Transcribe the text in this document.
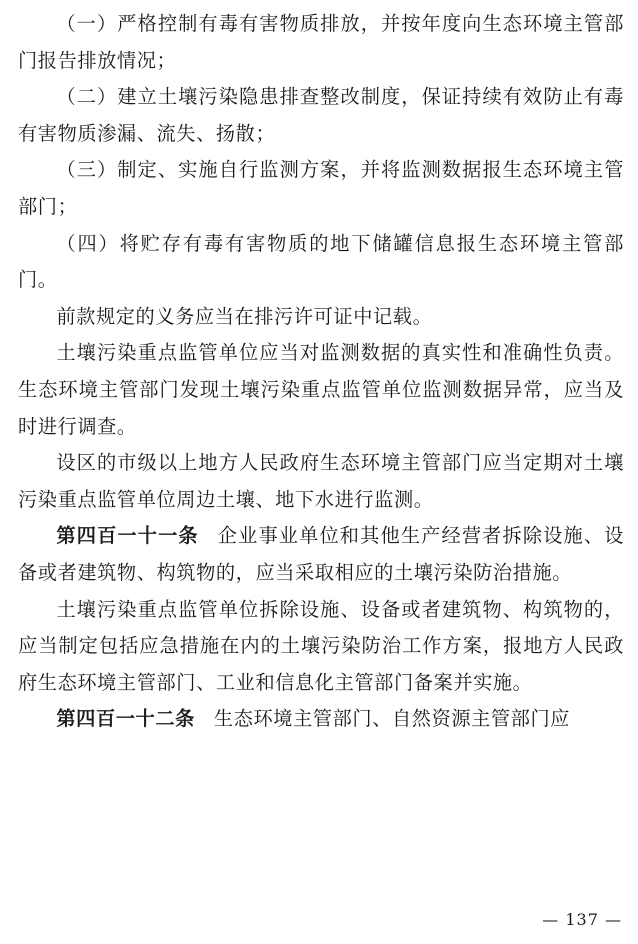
（一）严格控制有毒有害物质排放，并按年度向生态环境主管部门报告排放情况；

（二）建立土壤污染隐患排查整改制度，保证持续有效防止有毒有害物质渗漏、流失、扬散；

（三）制定、实施自行监测方案，并将监测数据报生态环境主管部门；

（四）将贮存有毒有害物质的地下储罐信息报生态环境主管部门。

前款规定的义务应当在排污许可证中记载。

土壤污染重点监管单位应当对监测数据的真实性和准确性负责。生态环境主管部门发现土壤污染重点监管单位监测数据异常，应当及时进行调查。

设区的市级以上地方人民政府生态环境主管部门应当定期对土壤污染重点监管单位周边土壤、地下水进行监测。

第四百一十一条 企业事业单位和其他生产经营者拆除设施、设备或者建筑物、构筑物的，应当采取相应的土壤污染防治措施。

土壤污染重点监管单位拆除设施、设备或者建筑物、构筑物的，应当制定包括应急措施在内的土壤污染防治工作方案，报地方人民政府生态环境主管部门、工业和信息化主管部门备案并实施。

第四百一十二条 生态环境主管部门、自然资源主管部门应

— 137 —
